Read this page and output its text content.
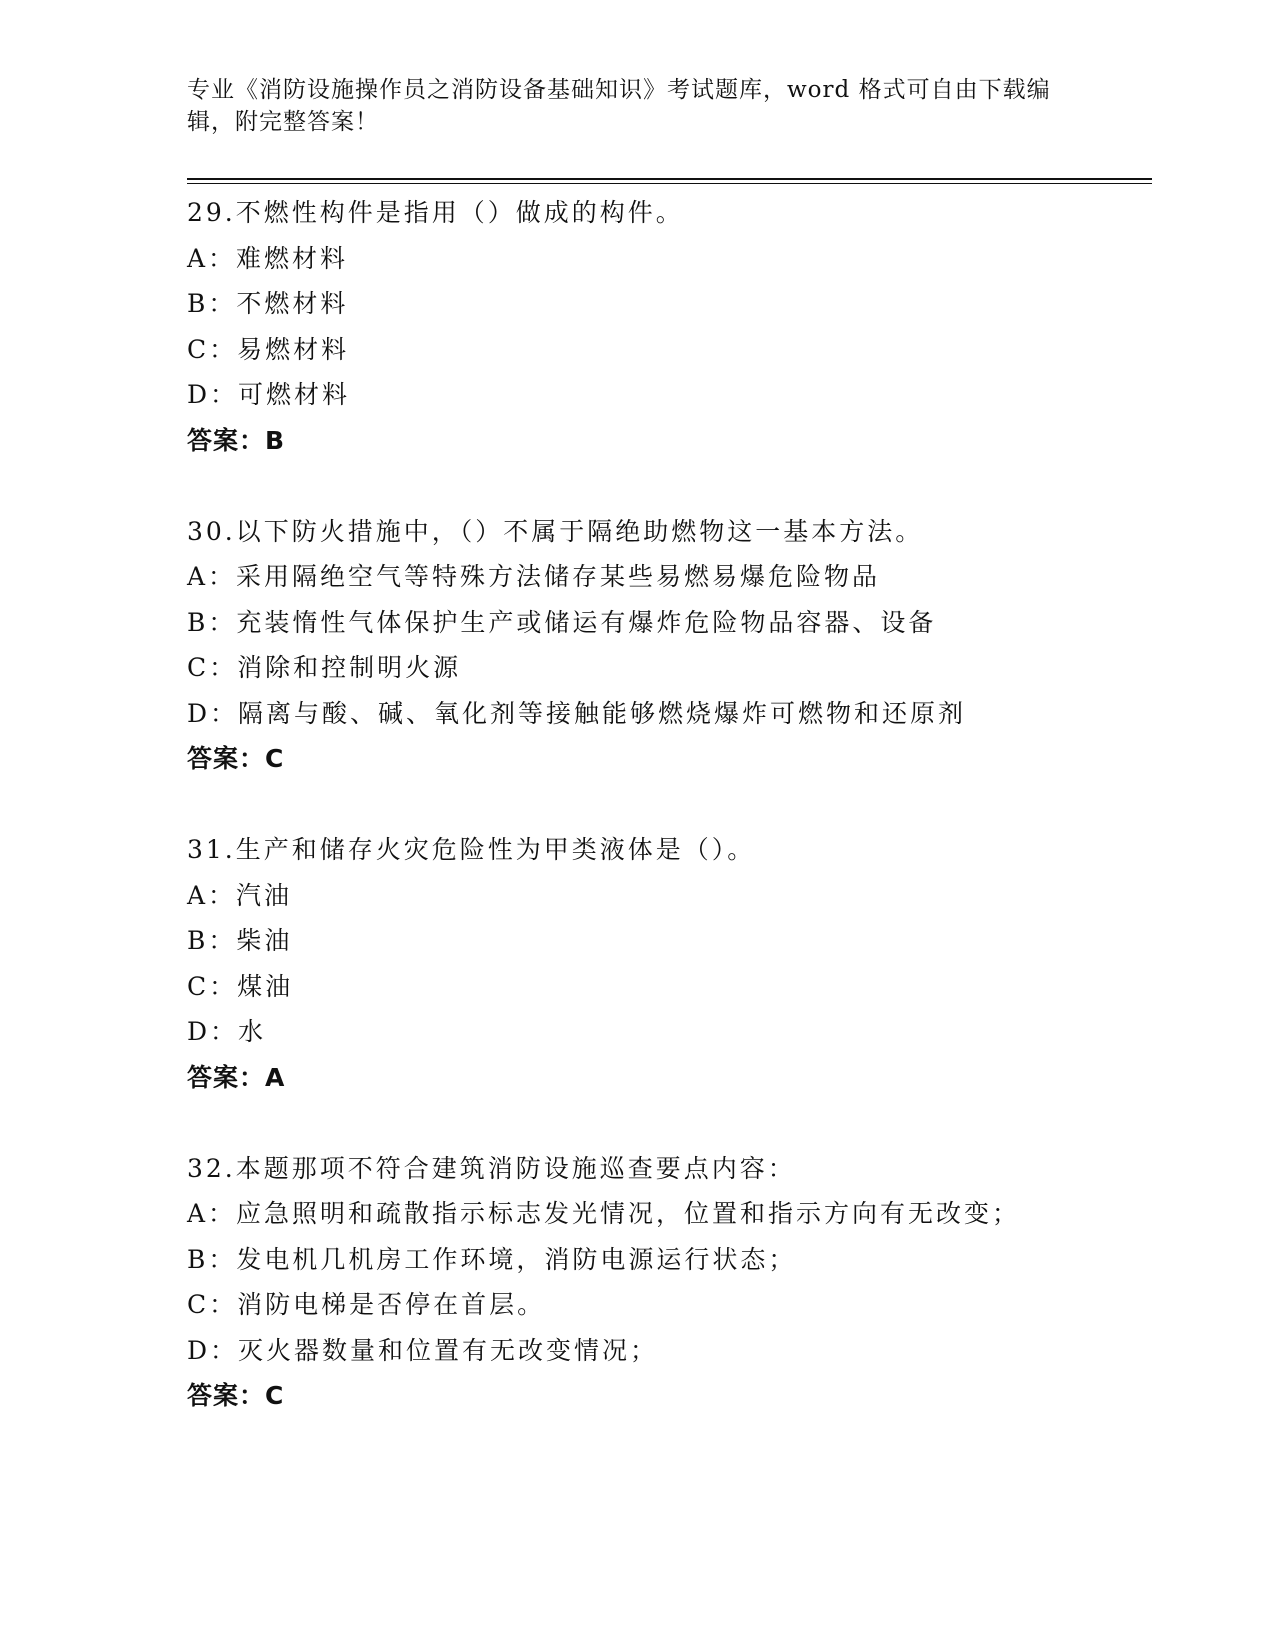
专业《消防设施操作员之消防设备基础知识》考试题库，word 格式可自由下载编
辑，附完整答案！
29.不燃性构件是指用（）做成的构件。
A：难燃材料
B：不燃材料
C：易燃材料
D：可燃材料
答案：B
30.以下防火措施中，（）不属于隔绝助燃物这一基本方法。
A：采用隔绝空气等特殊方法储存某些易燃易爆危险物品
B：充装惰性气体保护生产或储运有爆炸危险物品容器、设备
C：消除和控制明火源
D：隔离与酸、碱、氧化剂等接触能够燃烧爆炸可燃物和还原剂
答案：C
31.生产和储存火灾危险性为甲类液体是（）。
A：汽油
B：柴油
C：煤油
D：水
答案：A
32.本题那项不符合建筑消防设施巡查要点内容：
A：应急照明和疏散指示标志发光情况，位置和指示方向有无改变；
B：发电机几机房工作环境，消防电源运行状态；
C：消防电梯是否停在首层。
D：灭火器数量和位置有无改变情况；
答案：C
